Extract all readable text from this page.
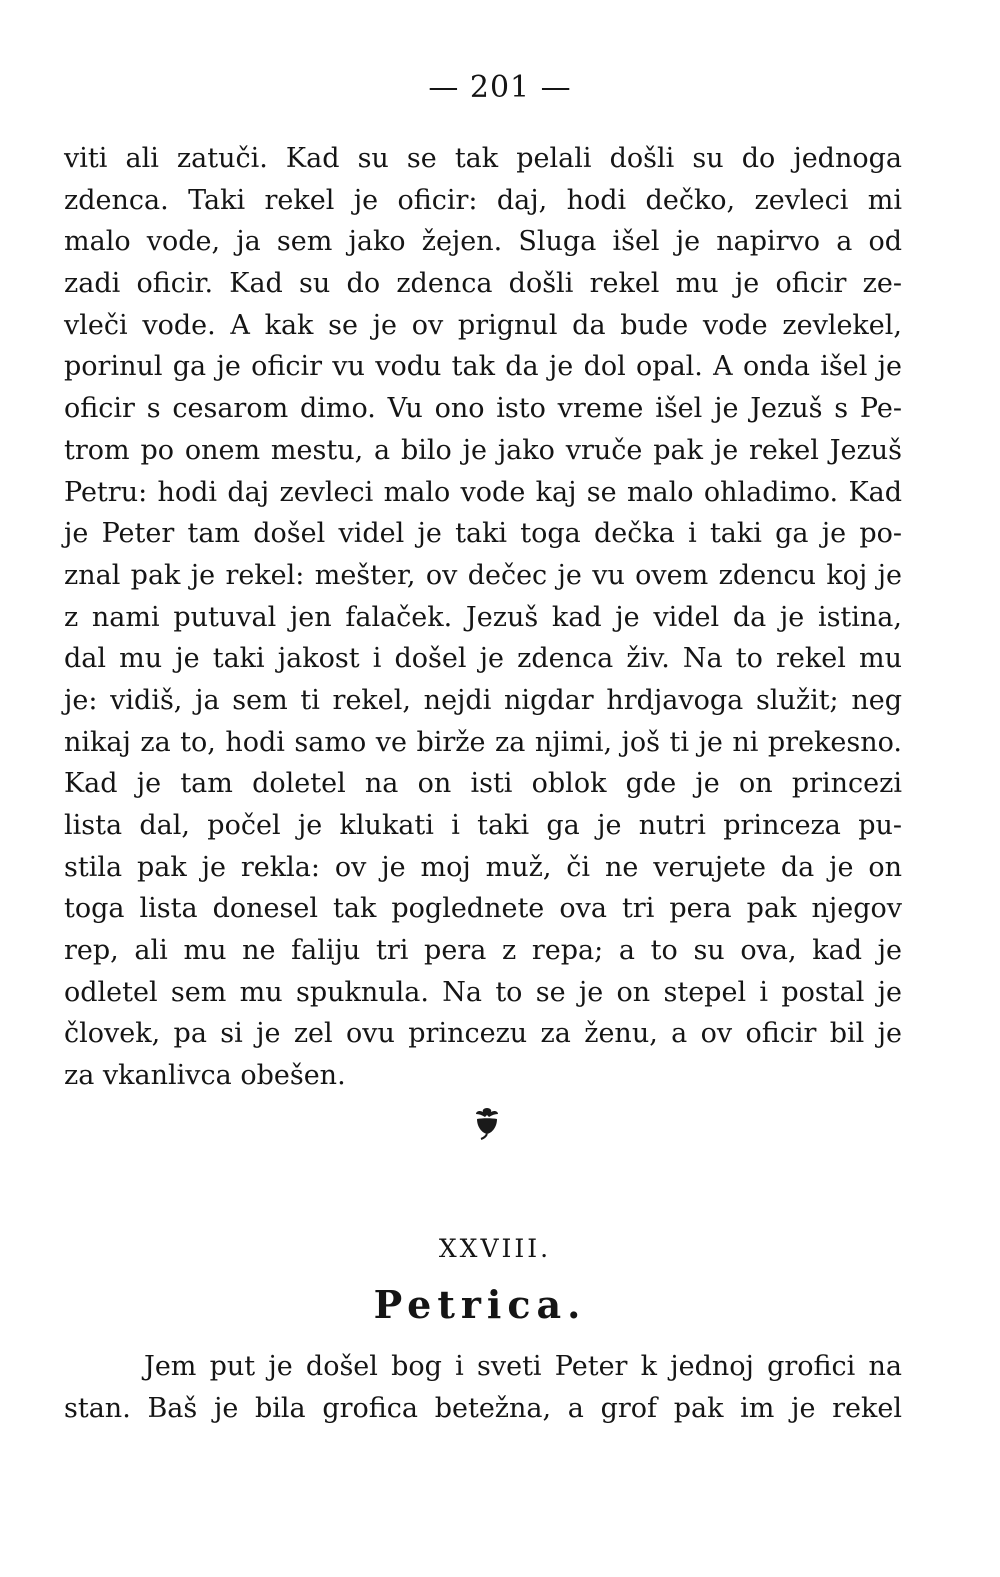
— 201 —
viti ali zatuči. Kad su se tak pelali došli su do jednoga
zdenca. Taki rekel je oficir: daj, hodi dečko, zevleci mi
malo vode, ja sem jako žejen. Sluga išel je napirvo a od
zadi oficir. Kad su do zdenca došli rekel mu je oficir ze-
vleči vode. A kak se je ov prignul da bude vode zevlekel,
porinul ga je oficir vu vodu tak da je dol opal. A onda išel je
oficir s cesarom dimo. Vu ono isto vreme išel je Jezuš s Pe-
trom po onem mestu, a bilo je jako vruče pak je rekel Jezuš
Petru: hodi daj zevleci malo vode kaj se malo ohladimo. Kad
je Peter tam došel videl je taki toga dečka i taki ga je po-
znal pak je rekel: mešter, ov dečec je vu ovem zdencu koj je
z nami putuval jen falaček. Jezuš kad je videl da je istina,
dal mu je taki jakost i došel je zdenca živ. Na to rekel mu
je: vidiš, ja sem ti rekel, nejdi nigdar hrdjavoga služit; neg
nikaj za to, hodi samo ve birže za njimi, još ti je ni prekesno.
Kad je tam doletel na on isti oblok gde je on princezi
lista dal, počel je klukati i taki ga je nutri princeza pu-
stila pak je rekla: ov je moj muž, či ne verujete da je on
toga lista donesel tak poglednete ova tri pera pak njegov
rep, ali mu ne faliju tri pera z repa; a to su ova, kad je
odletel sem mu spuknula. Na to se je on stepel i postal je
človek, pa si je zel ovu princezu za ženu, a ov oficir bil je
za vkanlivca obešen.
XXVIII.
Petrica.
Jem put je došel bog i sveti Peter k jednoj grofici na
stan. Baš je bila grofica betežna, a grof pak im je rekel
